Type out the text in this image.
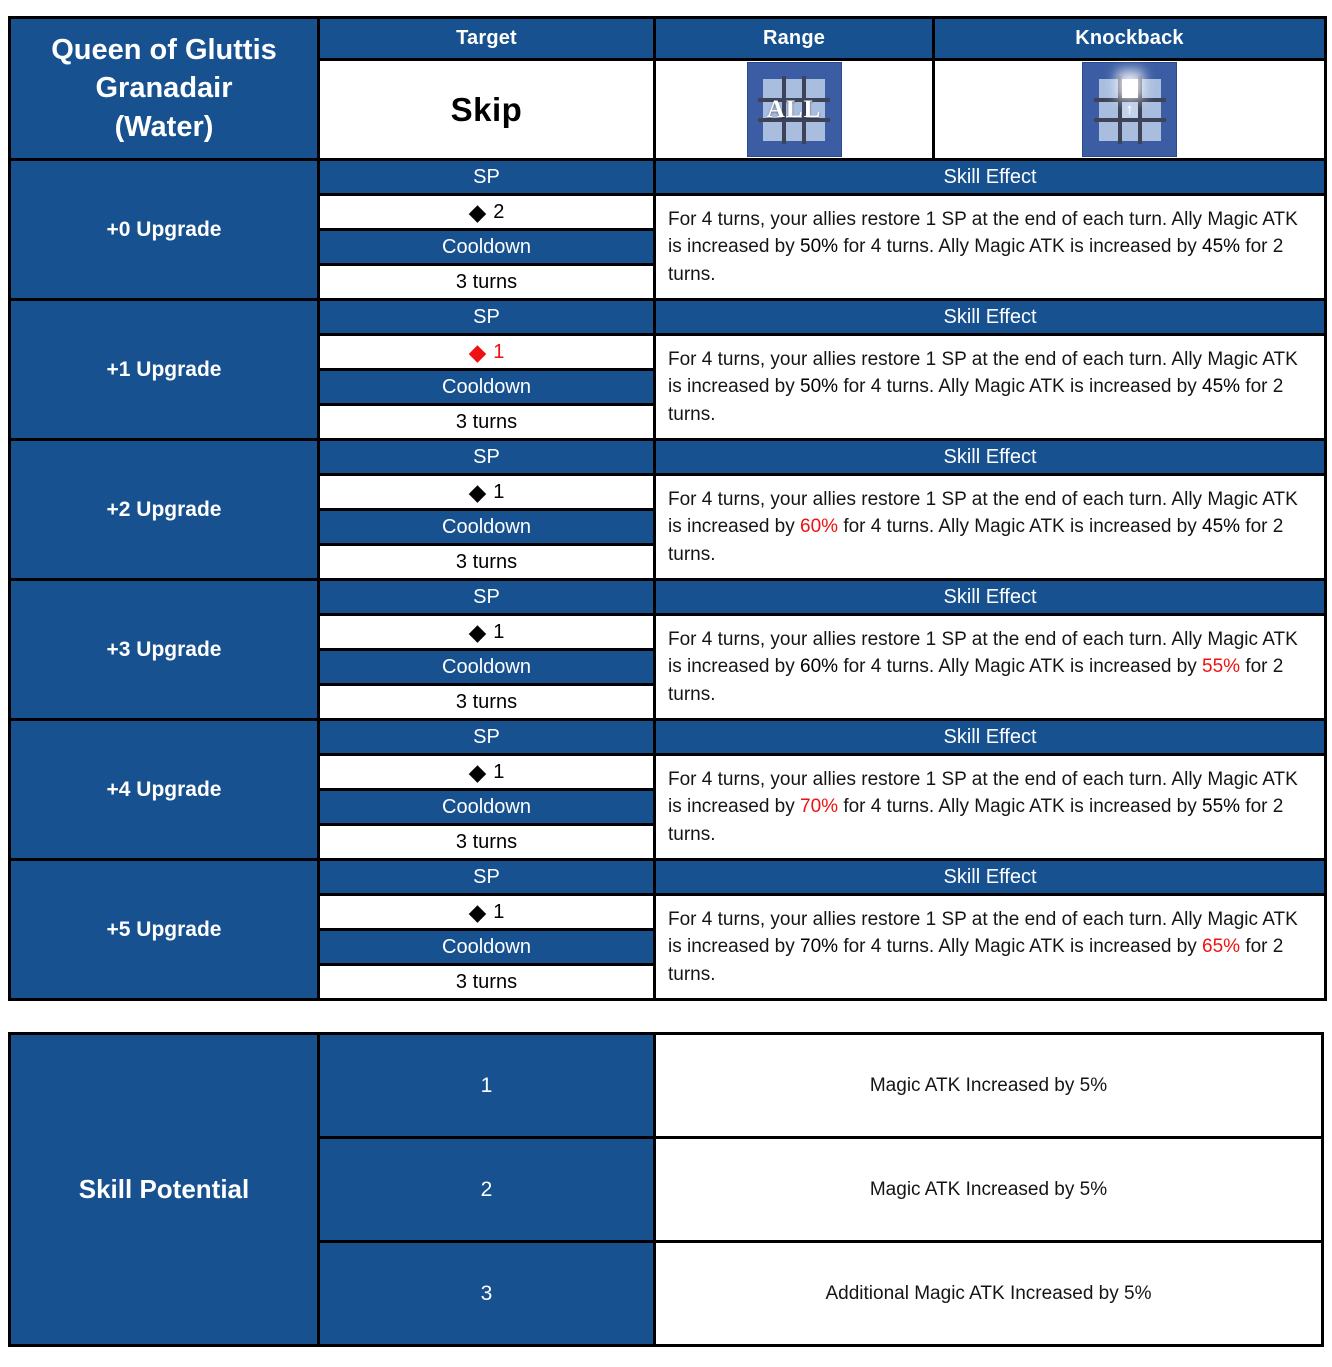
Queen of Gluttis
Granadair
(Water)
Target	Range	Knockback
Skip	ALL	↑
+0 Upgrade
SP
◆ 2
Cooldown
3 turns
Skill Effect
For 4 turns, your allies restore 1 SP at the end of each turn. Ally Magic ATK is increased by 50% for 4 turns. Ally Magic ATK is increased by 45% for 2 turns.
+1 Upgrade
SP
◆ 1
Cooldown
3 turns
Skill Effect
For 4 turns, your allies restore 1 SP at the end of each turn. Ally Magic ATK is increased by 50% for 4 turns. Ally Magic ATK is increased by 45% for 2 turns.
+2 Upgrade
SP
◆ 1
Cooldown
3 turns
Skill Effect
For 4 turns, your allies restore 1 SP at the end of each turn. Ally Magic ATK is increased by 60% for 4 turns. Ally Magic ATK is increased by 45% for 2 turns.
+3 Upgrade
SP
◆ 1
Cooldown
3 turns
Skill Effect
For 4 turns, your allies restore 1 SP at the end of each turn. Ally Magic ATK is increased by 60% for 4 turns. Ally Magic ATK is increased by 55% for 2 turns.
+4 Upgrade
SP
◆ 1
Cooldown
3 turns
Skill Effect
For 4 turns, your allies restore 1 SP at the end of each turn. Ally Magic ATK is increased by 70% for 4 turns. Ally Magic ATK is increased by 55% for 2 turns.
+5 Upgrade
SP
◆ 1
Cooldown
3 turns
Skill Effect
For 4 turns, your allies restore 1 SP at the end of each turn. Ally Magic ATK is increased by 70% for 4 turns. Ally Magic ATK is increased by 65% for 2 turns.
Skill Potential
1	Magic ATK Increased by 5%
2	Magic ATK Increased by 5%
3	Additional Magic ATK Increased by 5%
